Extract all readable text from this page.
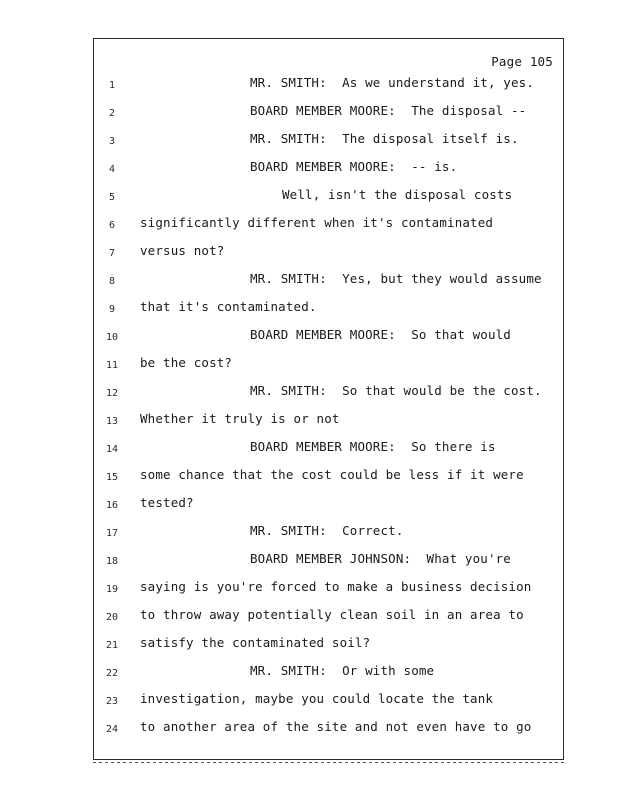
Page 105
1	MR. SMITH:  As we understand it, yes.
2	BOARD MEMBER MOORE:  The disposal --
3	MR. SMITH:  The disposal itself is.
4	BOARD MEMBER MOORE:  -- is.
5	Well, isn't the disposal costs
6	significantly different when it's contaminated
7	versus not?
8	MR. SMITH:  Yes, but they would assume
9	that it's contaminated.
10	BOARD MEMBER MOORE:  So that would
11	be the cost?
12	MR. SMITH:  So that would be the cost.
13	Whether it truly is or not
14	BOARD MEMBER MOORE:  So there is
15	some chance that the cost could be less if it were
16	tested?
17	MR. SMITH:  Correct.
18	BOARD MEMBER JOHNSON:  What you're
19	saying is you're forced to make a business decision
20	to throw away potentially clean soil in an area to
21	satisfy the contaminated soil?
22	MR. SMITH:  Or with some
23	investigation, maybe you could locate the tank
24	to another area of the site and not even have to go
